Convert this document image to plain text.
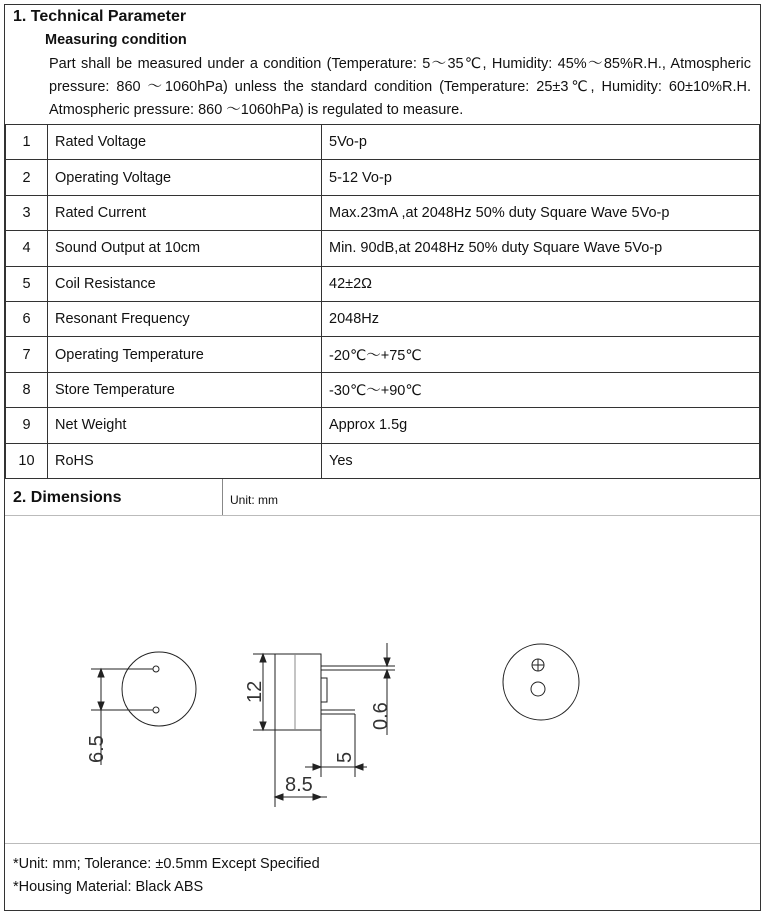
1. Technical Parameter
Measuring condition
Part shall be measured under a condition (Temperature: 5～35℃, Humidity: 45%～85%R.H., Atmospheric pressure: 860 ～1060hPa) unless the standard condition (Temperature: 25±3℃, Humidity: 60±10%R.H. Atmospheric pressure: 860 ～1060hPa) is regulated to measure.
1	Rated Voltage	5Vo-p
2	Operating Voltage	5-12 Vo-p
3	Rated Current	Max.23mA ,at 2048Hz 50% duty Square Wave 5Vo-p
4	Sound Output at 10cm	Min. 90dB,at 2048Hz 50% duty Square Wave 5Vo-p
5	Coil Resistance	42±2Ω
6	Resonant Frequency	2048Hz
7	Operating Temperature	-20℃～+75℃
8	Store Temperature	-30℃～+90℃
9	Net Weight	Approx 1.5g
10	RoHS	Yes
2. Dimensions	Unit: mm
6.5
12
0.6
5
8.5
*Unit: mm; Tolerance: ±0.5mm Except Specified
*Housing Material: Black ABS
